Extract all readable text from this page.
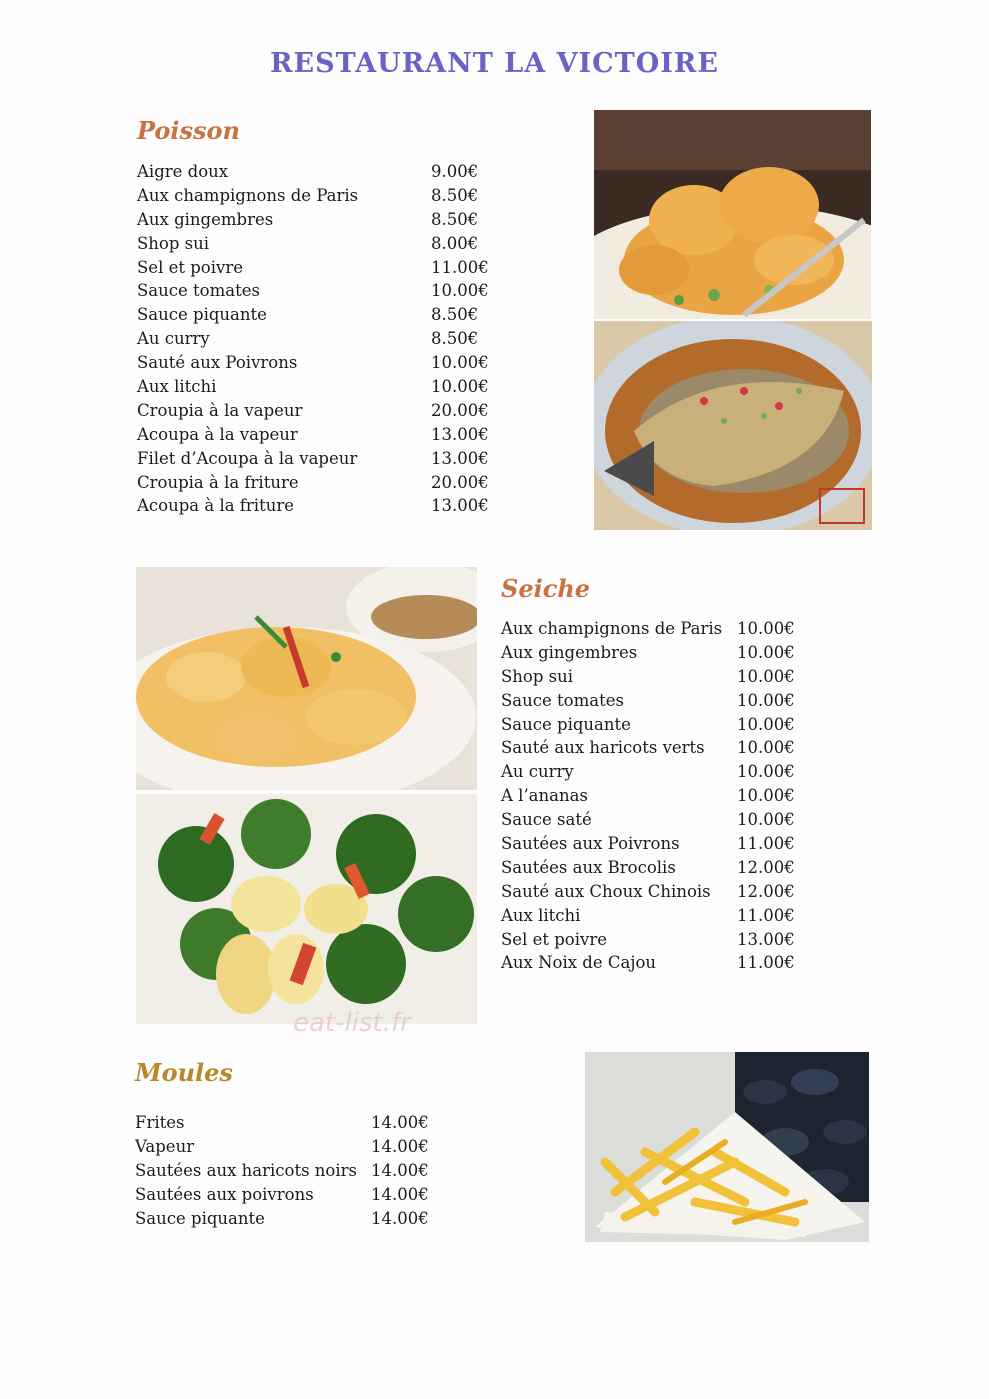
RESTAURANT LA VICTOIRE
Poisson
Aigre doux	9.00€
Aux champignons de Paris	8.50€
Aux gingembres	8.50€
Shop sui	8.00€
Sel et poivre	11.00€
Sauce tomates	10.00€
Sauce piquante	8.50€
Au curry	8.50€
Sauté aux Poivrons	10.00€
Aux litchi	10.00€
Croupia à la vapeur	20.00€
Acoupa à la vapeur	13.00€
Filet d’Acoupa à la vapeur	13.00€
Croupia à la friture	20.00€
Acoupa à la friture	13.00€
Seiche
Aux champignons de Paris 10.00€
Aux gingembres	10.00€
Shop sui	10.00€
Sauce tomates	10.00€
Sauce piquante	10.00€
Sauté aux haricots verts 10.00€
Au curry	10.00€
A l’ananas	10.00€
Sauce saté	10.00€
Sautées aux Poivrons	11.00€
Sautées aux Brocolis	12.00€
Sauté aux Choux Chinois 12.00€
Aux litchi	11.00€
Sel et poivre	13.00€
Aux Noix de Cajou	11.00€
Moules
Frites	14.00€
Vapeur	14.00€
Sautées aux haricots noirs 14.00€
Sautées aux poivrons	14.00€
Sauce piquante	14.00€
eat-list.fr
